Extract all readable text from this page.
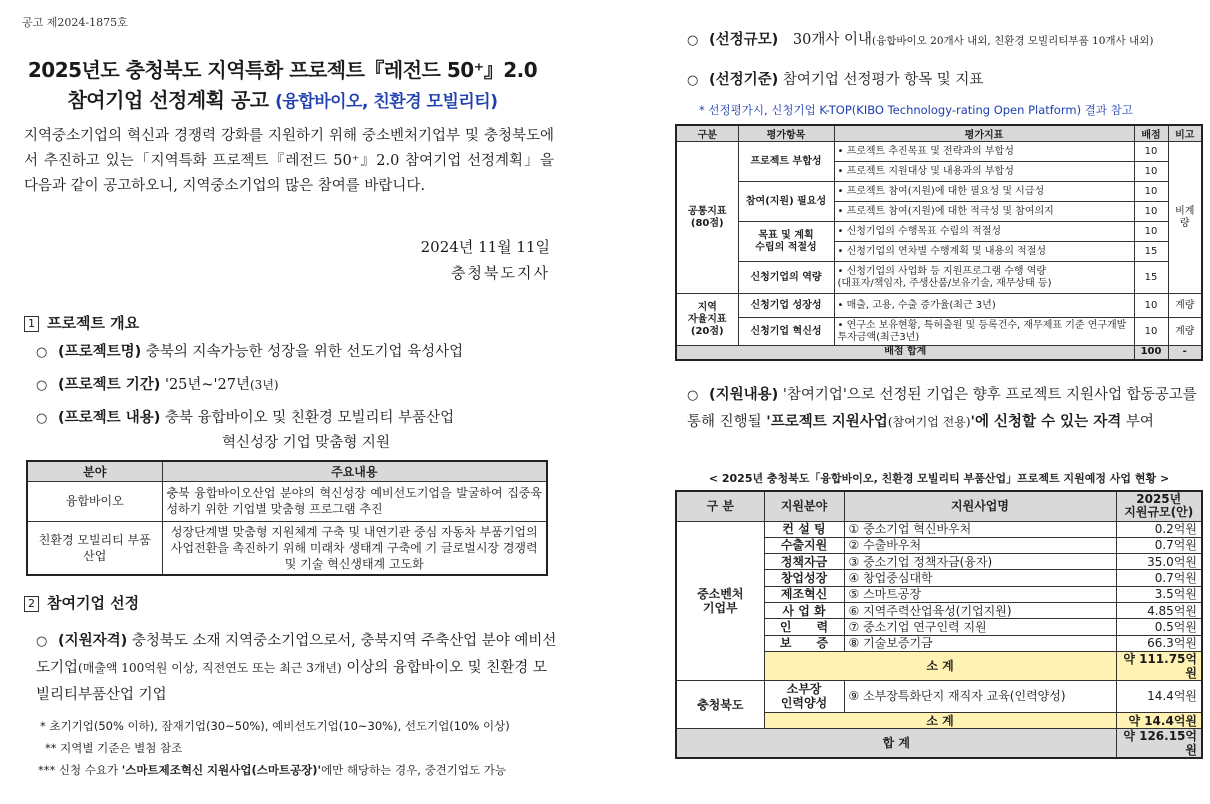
공고 제2024-1875호
2025년도 충청북도 지역특화 프로젝트『레전드 50⁺』2.0
참여기업 선정계획 공고 (융합바이오, 친환경 모빌리티)
지역중소기업의 혁신과 경쟁력 강화를 지원하기 위해 중소벤처기업부 및 충청북도에서 추진하고 있는「지역특화 프로젝트『레전드 50⁺』2.0 참여기업 선정계획」을 다음과 같이 공고하오니, 지역중소기업의 많은 참여를 바랍니다.
2024년 11월 11일
충청북도지사
1 프로젝트 개요
○ (프로젝트명) 충북의 지속가능한 성장을 위한 선도기업 육성사업
○ (프로젝트 기간) '25년~'27년(3년)
○ (프로젝트 내용) 충북 융합바이오 및 친환경 모빌리티 부품산업
혁신성장 기업 맞춤형 지원
분야	주요내용
융합바이오	충북 융합바이오산업 분야의 혁신성장 예비선도기업을 발굴하여 집중육성하기 위한 기업별 맞춤형 프로그램 추진
친환경 모빌리티 부품산업	성장단계별 맞춤형 지원체계 구축 및 내연기관 중심 자동차 부품기업의 사업전환을 촉진하기 위해 미래차 생태계 구축에 기 글로벌시장 경쟁력 및 기술 혁신생태계 고도화
2 참여기업 선정
○ (지원자격) 충청북도 소재 지역중소기업으로서, 충북지역 주축산업 분야 예비선도기업(매출액 100억원 이상, 직전연도 또는 최근 3개년) 이상의 융합바이오 및 친환경 모빌리티부품산업 기업
* 초기기업(50% 이하), 잠재기업(30~50%), 예비선도기업(10~30%), 선도기업(10% 이상)
** 지역별 기준은 별첨 참조
*** 신청 수요가 '스마트제조혁신 지원사업(스마트공장)'에만 해당하는 경우, 중견기업도 가능
○ (선정규모) 30개사 이내(융합바이오 20개사 내외, 친환경 모빌리티부품 10개사 내외)
○ (선정기준) 참여기업 선정평가 항목 및 지표
* 선정평가시, 신청기업 K-TOP(KIBO Technology-rating Open Platform) 결과 참고
구분	평가항목	평가지표	배점	비고
공통지표
(80점)	프로젝트 부합성	• 프로젝트 추진목표 및 전략과의 부합성	10	비계량
		• 프로젝트 지원대상 및 내용과의 부합성	10	
	참여(지원) 필요성	• 프로젝트 참여(지원)에 대한 필요성 및 시급성	10	
		• 프로젝트 참여(지원)에 대한 적극성 및 참여의지	10	
	목표 및 계획
수립의 적절성	• 신청기업의 수행목표 수립의 적절성	10	
		• 신청기업의 연차별 수행계획 및 내용의 적절성	15	
	신청기업의 역량	• 신청기업의 사업화 등 지원프로그램 수행 역량
(대표자/책임자, 주생산품/보유기술, 재무상태 등)	15	
지역
자율지표
(20점)	신청기업 성장성	• 매출, 고용, 수출 증가율(최근 3년)	10	계량
	신청기업 혁신성	• 연구소 보유현황, 특허출원 및 등록건수, 재무제표 기준 연구개발 투자금액(최근3년)	10	계량
배점 합계			100	-
○ (지원내용) '참여기업'으로 선정된 기업은 향후 프로젝트 지원사업 합동공고를 통해 진행될 '프로젝트 지원사업(참여기업 전용)'에 신청할 수 있는 자격 부여
< 2025년 충청북도「융합바이오, 친환경 모빌리티 부품산업」프로젝트 지원예정 사업 현황 >
구 분	지원분야	지원사업명	2025년
지원규모(안)
중소벤처
기업부	컨 설 팅	① 중소기업 혁신바우처	0.2억원
	수출지원	② 수출바우처	0.7억원
	정책자금	③ 중소기업 정책자금(융자)	35.0억원
	창업성장	④ 창업중심대학	0.7억원
	제조혁신	⑤ 스마트공장	3.5억원
	사 업 화	⑥ 지역주력산업육성(기업지원)	4.85억원
	인      력	⑦ 중소기업 연구인력 지원	0.5억원
	보      증	⑧ 기술보증기금	66.3억원
	소 계		약 111.75억원
충청북도	소부장
인력양성	⑨ 소부장특화단지 재직자 교육(인력양성)	14.4억원
	소 계		약 14.4억원
합 계			약 126.15억원
